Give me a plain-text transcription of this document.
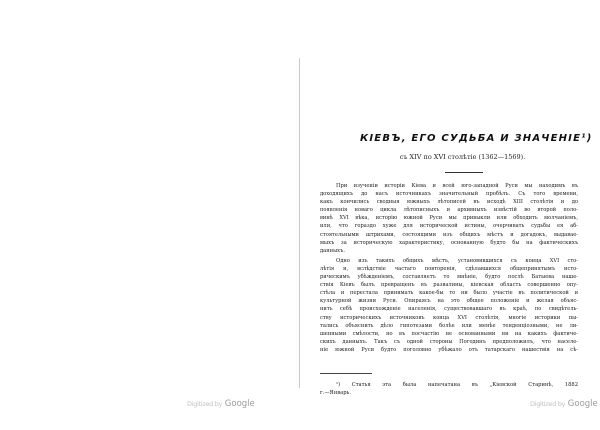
Digitized by Google
КІЕВЪ, ЕГО СУДЬБА И ЗНАЧЕНІЕ¹)
съ XIV по XVI столѣтіе (1362—1569).

При изученіи исторіи Кіева и всей юго-западной Руси мы находимъ въ

доходящихъ до насъ источникахъ значительный пробѣлъ. Съ того времени,

какъ кончились сводныя южныхъ лѣтописей въ исходѣ XIII столѣтія и до

появленія новаго цикла лѣтописныхъ и архивныхъ извѣстій во второй поло-

винѣ XVI вѣка, исторію южной Руси мы привыкли или обходить молчаніемъ,

или, что гораздо хуже для исторической истины, очерчивать судьбы ея аб-

стоятельными штрихами, состоящими изъ общихъ мѣстъ и догадокъ, выдавае-

мыхъ за историческую характеристику, основанную будто бы на фактическихъ

данныхъ.

Одно изъ такихъ общихъ мѣстъ, установившихся съ конца XVI сто-

лѣтія и, вслѣдствіе частаго повторенія, сдѣлавшихся общепринятымъ исто-

рическимъ убѣжденіемъ, составляетъ то мнѣніе, будто послѣ Батыева наше-

ствія Кіевъ былъ превращенъ въ развалины, кіевская область совершенно опу-

стѣла и перестала принимать какое-бы то ни было участіе въ политической и

культурной жизни Руси. Опираясь на это общее положеніе и желая объяс-

нить себѣ происхожденіе населенія, существовавшаго въ краѣ, по свидѣтель-

ству историческихъ источниковъ конца XVI столѣтія, многіе историки пы-

тались объяснить дѣло гипотезами болѣе или менѣе тенденціозными, не ли-

шенными смѣлости, но въ посчастію не основанными ни на какихъ фактиче-

скихъ данныхъ. Такъ съ одной стороны Погодинъ предположилъ, что населе-

ніе южной Руси будто поголовно убѣжало отъ татарскаго нашествія на сѣ-

¹) Статья эта была напечатана въ „Кіевской Старинѣ, 1882
г.—Январь.
Digitized by Google
